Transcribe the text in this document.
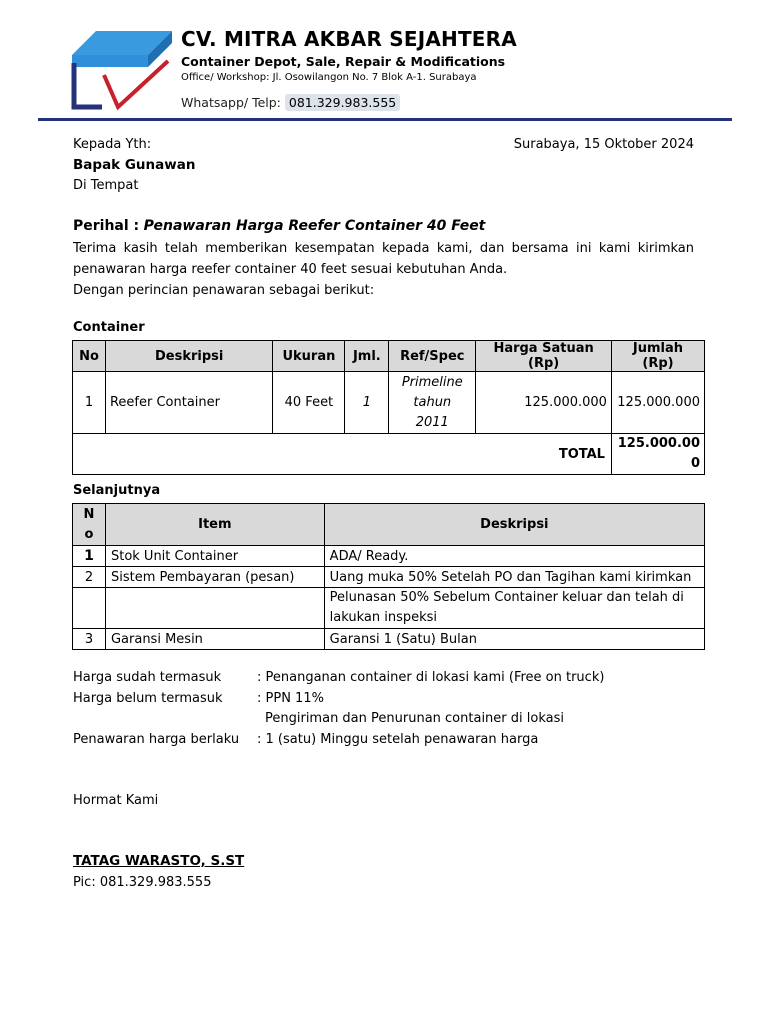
CV. MITRA AKBAR SEJAHTERA
Container Depot, Sale, Repair & Modifications
Office/ Workshop: Jl. Osowilangon No. 7 Blok A-1. Surabaya
Whatsapp/ Telp: 081.329.983.555
Kepada Yth:	Surabaya, 15 Oktober 2024
Bapak Gunawan
Di Tempat
Perihal : Penawaran Harga Reefer Container 40 Feet
Terima kasih telah memberikan kesempatan kepada kami, dan bersama ini kami kirimkan
penawaran harga reefer container 40 feet sesuai kebutuhan Anda.
Dengan perincian penawaran sebagai berikut:
Container
No	Deskripsi	Ukuran	Jml.	Ref/Spec	Harga Satuan (Rp)	Jumlah (Rp)
1	Reefer Container	40 Feet	1	Primeline
tahun
2011	125.000.000	125.000.000
TOTAL						125.000.00
0
Selanjutnya
N
o	Item	Deskripsi
1	Stok Unit Container	ADA/ Ready.
2	Sistem Pembayaran (pesan)	Uang muka 50% Setelah PO dan Tagihan kami kirimkan

		Pelunasan 50% Sebelum Container keluar dan telah di
lakukan inspeksi

3	Garansi Mesin	Garansi 1 (Satu) Bulan
Harga sudah termasuk	: Penanganan container di lokasi kami (Free on truck)
Harga belum termasuk	: PPN 11%
Pengiriman dan Penurunan container di lokasi
Penawaran harga berlaku : 1 (satu) Minggu setelah penawaran harga
Hormat Kami
TATAG WARASTO, S.ST
Pic: 081.329.983.555
